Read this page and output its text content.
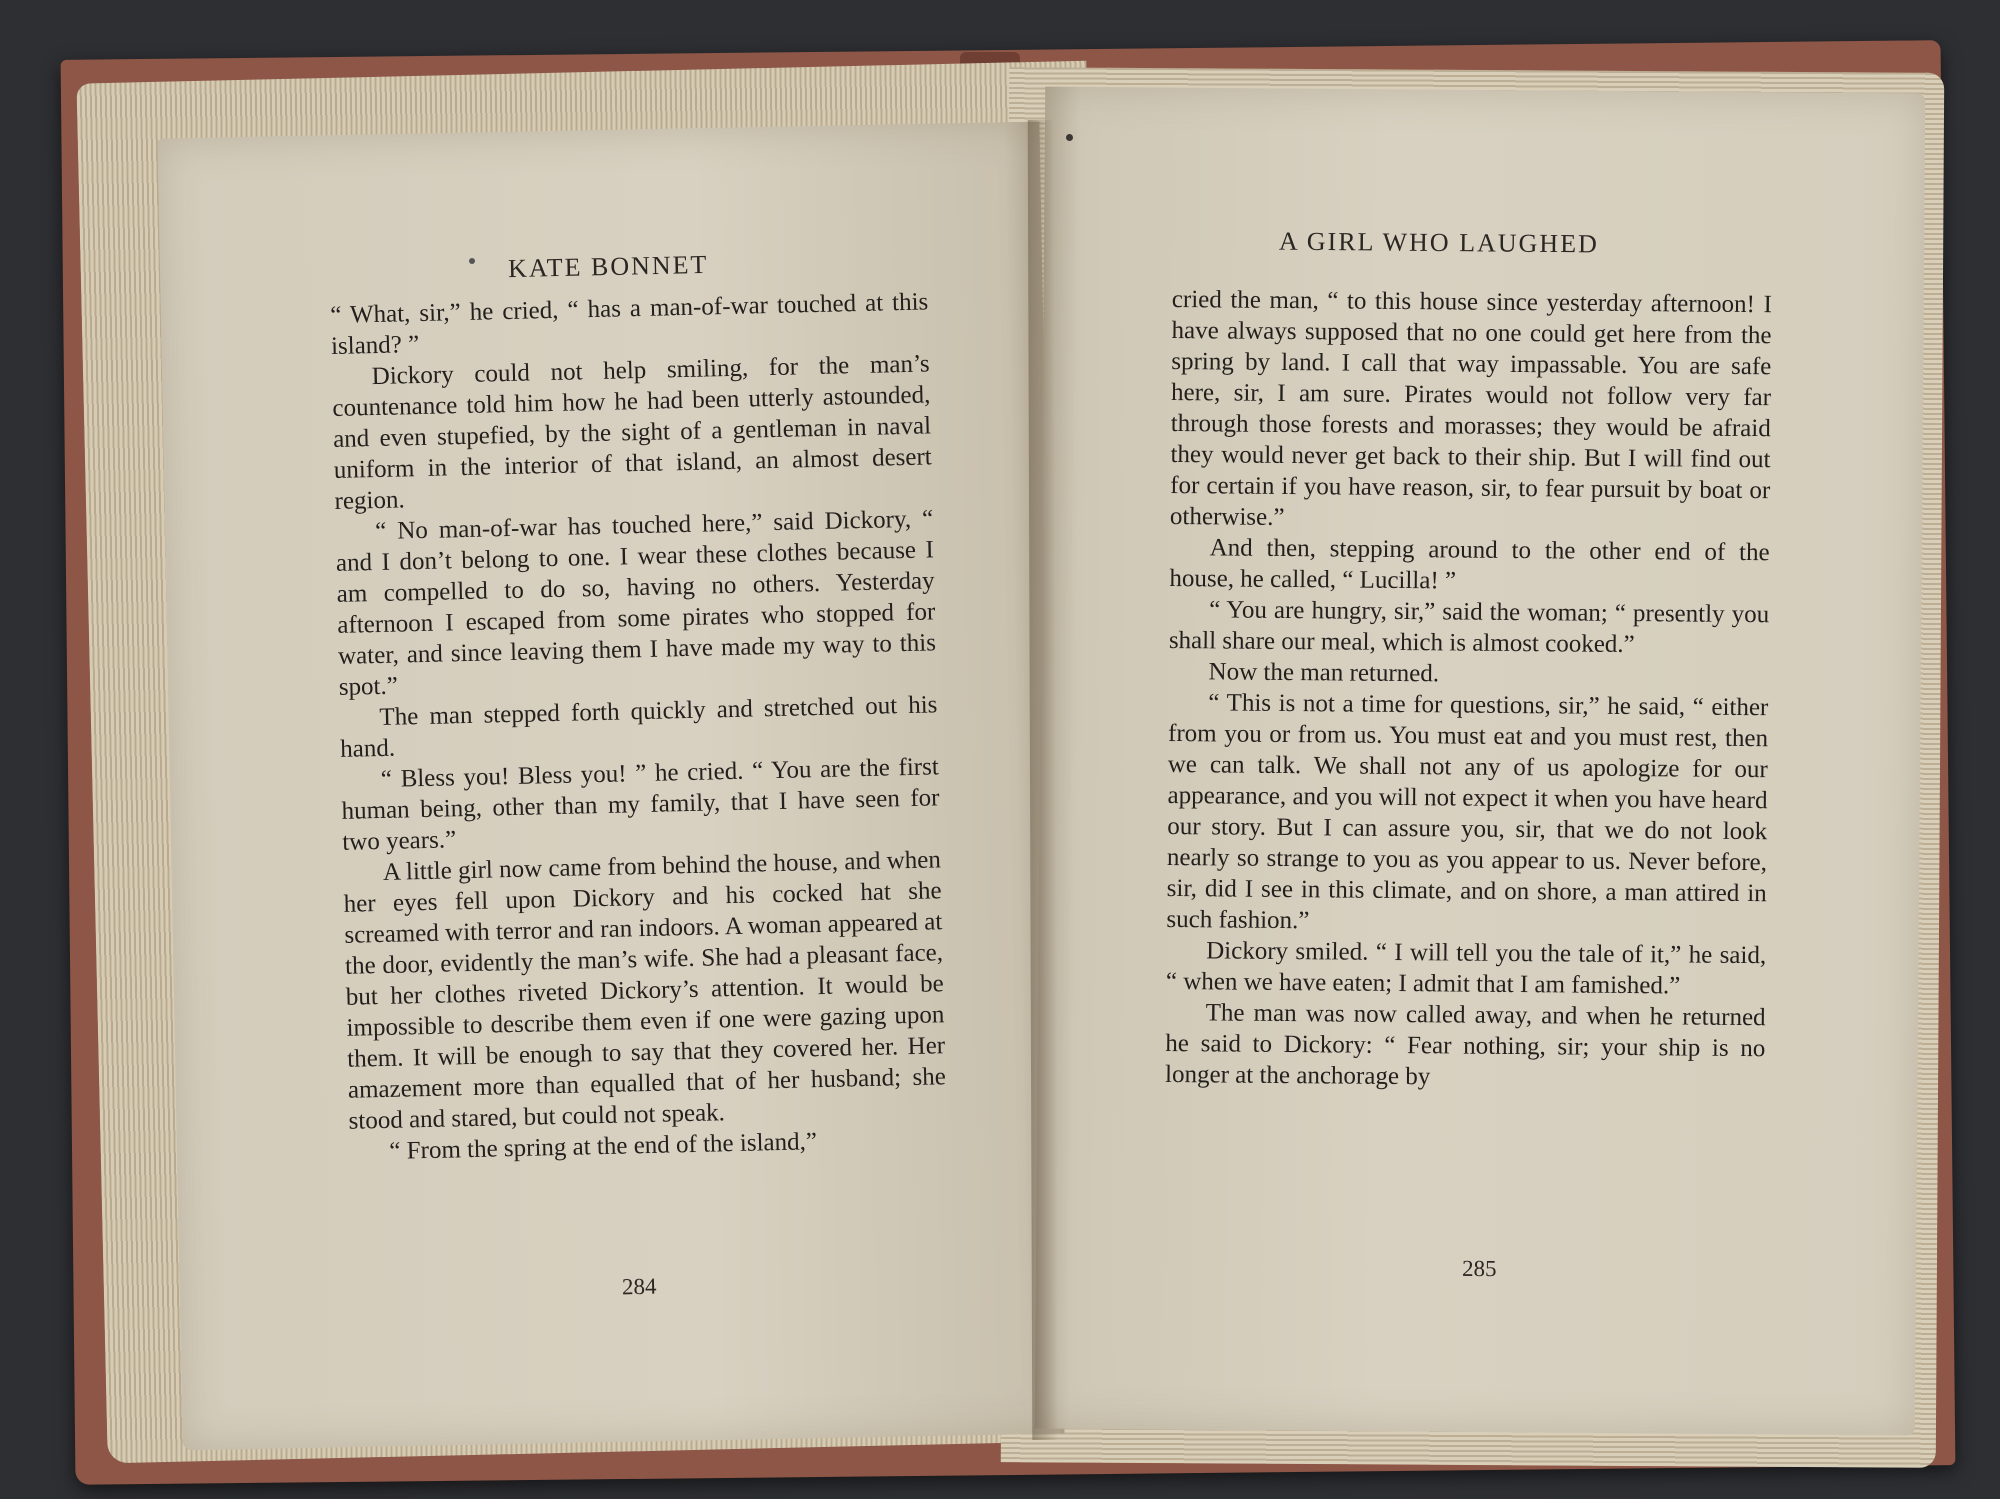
KATE BONNET

“ What, sir,” he cried, “ has a man-of-war touched at this island? ”

Dickory could not help smiling, for the man’s countenance told him how he had been utterly astounded, and even stupefied, by the sight of a gentleman in naval uniform in the interior of that island, an almost desert region.

“ No man-of-war has touched here,” said Dickory, “ and I don’t belong to one. I wear these clothes because I am compelled to do so, having no others. Yesterday afternoon I escaped from some pirates who stopped for water, and since leaving them I have made my way to this spot.”

The man stepped forth quickly and stretched out his hand.

“ Bless you! Bless you! ” he cried. “ You are the first human being, other than my family, that I have seen for two years.”

A little girl now came from behind the house, and when her eyes fell upon Dickory and his cocked hat she screamed with terror and ran indoors. A woman appeared at the door, evidently the man’s wife. She had a pleasant face, but her clothes riveted Dickory’s attention. It would be impossible to describe them even if one were gazing upon them. It will be enough to say that they covered her. Her amazement more than equalled that of her husband; she stood and stared, but could not speak.

“ From the spring at the end of the island,”

284
A GIRL WHO LAUGHED

cried the man, “ to this house since yesterday afternoon! I have always supposed that no one could get here from the spring by land. I call that way impassable. You are safe here, sir, I am sure. Pirates would not follow very far through those forests and morasses; they would be afraid they would never get back to their ship. But I will find out for certain if you have reason, sir, to fear pursuit by boat or otherwise.”

And then, stepping around to the other end of the house, he called, “ Lucilla! ”

“ You are hungry, sir,” said the woman; “ presently you shall share our meal, which is almost cooked.”

Now the man returned.

“ This is not a time for questions, sir,” he said, “ either from you or from us. You must eat and you must rest, then we can talk. We shall not any of us apologize for our appearance, and you will not expect it when you have heard our story. But I can assure you, sir, that we do not look nearly so strange to you as you appear to us. Never before, sir, did I see in this climate, and on shore, a man attired in such fashion.”

Dickory smiled. “ I will tell you the tale of it,” he said, “ when we have eaten; I admit that I am famished.”

The man was now called away, and when he returned he said to Dickory: “ Fear nothing, sir; your ship is no longer at the anchorage by

285
